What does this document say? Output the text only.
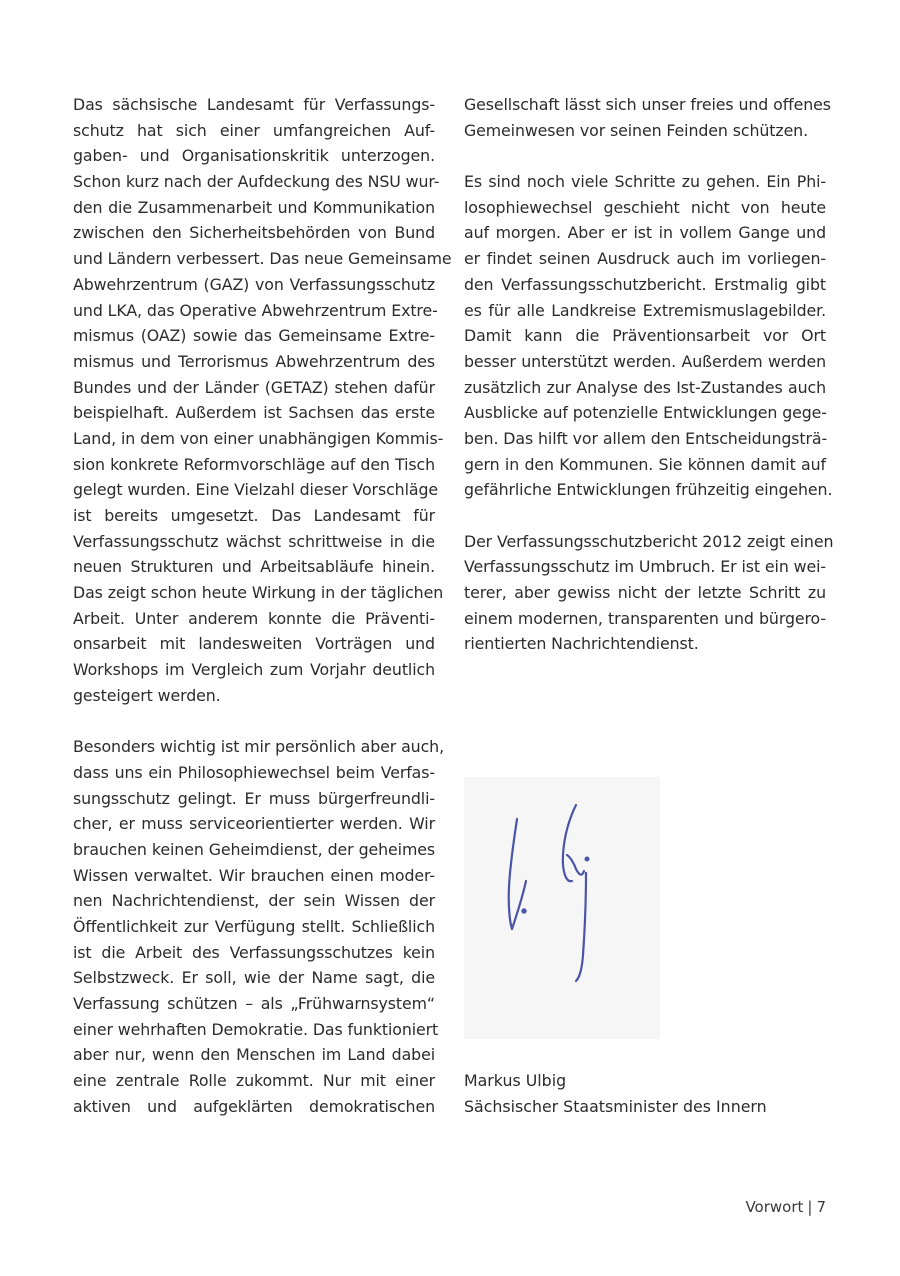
Das sächsische Landesamt für Verfassungs-
schutz hat sich einer umfangreichen Auf-
gaben- und Organisationskritik unterzogen.
Schon kurz nach der Aufdeckung des NSU wur-
den die Zusammenarbeit und Kommunikation
zwischen den Sicherheitsbehörden von Bund
und Ländern verbessert. Das neue Gemeinsame
Abwehrzentrum (GAZ) von Verfassungsschutz
und LKA, das Operative Abwehrzentrum Extre-
mismus (OAZ) sowie das Gemeinsame Extre-
mismus und Terrorismus Abwehrzentrum des
Bundes und der Länder (GETAZ) stehen dafür
beispielhaft. Außerdem ist Sachsen das erste
Land, in dem von einer unabhängigen Kommis-
sion konkrete Reformvorschläge auf den Tisch
gelegt wurden. Eine Vielzahl dieser Vorschläge
ist bereits umgesetzt. Das Landesamt für
Verfassungsschutz wächst schrittweise in die
neuen Strukturen und Arbeitsabläufe hinein.
Das zeigt schon heute Wirkung in der täglichen
Arbeit. Unter anderem konnte die Präventi-
onsarbeit mit landesweiten Vorträgen und
Workshops im Vergleich zum Vorjahr deutlich
gesteigert werden.
Besonders wichtig ist mir persönlich aber auch,
dass uns ein Philosophiewechsel beim Verfas-
sungsschutz gelingt. Er muss bürgerfreundli-
cher, er muss serviceorientierter werden. Wir
brauchen keinen Geheimdienst, der geheimes
Wissen verwaltet. Wir brauchen einen moder-
nen Nachrichtendienst, der sein Wissen der
Öffentlichkeit zur Verfügung stellt. Schließlich
ist die Arbeit des Verfassungsschutzes kein
Selbstzweck. Er soll, wie der Name sagt, die
Verfassung schützen – als „Frühwarnsystem“
einer wehrhaften Demokratie. Das funktioniert
aber nur, wenn den Menschen im Land dabei
eine zentrale Rolle zukommt. Nur mit einer
aktiven und aufgeklärten demokratischen
Gesellschaft lässt sich unser freies und offenes
Gemeinwesen vor seinen Feinden schützen.
Es sind noch viele Schritte zu gehen. Ein Phi-
losophiewechsel geschieht nicht von heute
auf morgen. Aber er ist in vollem Gange und
er findet seinen Ausdruck auch im vorliegen-
den Verfassungsschutzbericht. Erstmalig gibt
es für alle Landkreise Extremismuslagebilder.
Damit kann die Präventionsarbeit vor Ort
besser unterstützt werden. Außerdem werden
zusätzlich zur Analyse des Ist-Zustandes auch
Ausblicke auf potenzielle Entwicklungen gege-
ben. Das hilft vor allem den Entscheidungsträ-
gern in den Kommunen. Sie können damit auf
gefährliche Entwicklungen frühzeitig eingehen.
Der Verfassungsschutzbericht 2012 zeigt einen
Verfassungsschutz im Umbruch. Er ist ein wei-
terer, aber gewiss nicht der letzte Schritt zu
einem modernen, transparenten und bürgero-
rientierten Nachrichtendienst.
Markus Ulbig
Sächsischer Staatsminister des Innern
Vorwort | 7
